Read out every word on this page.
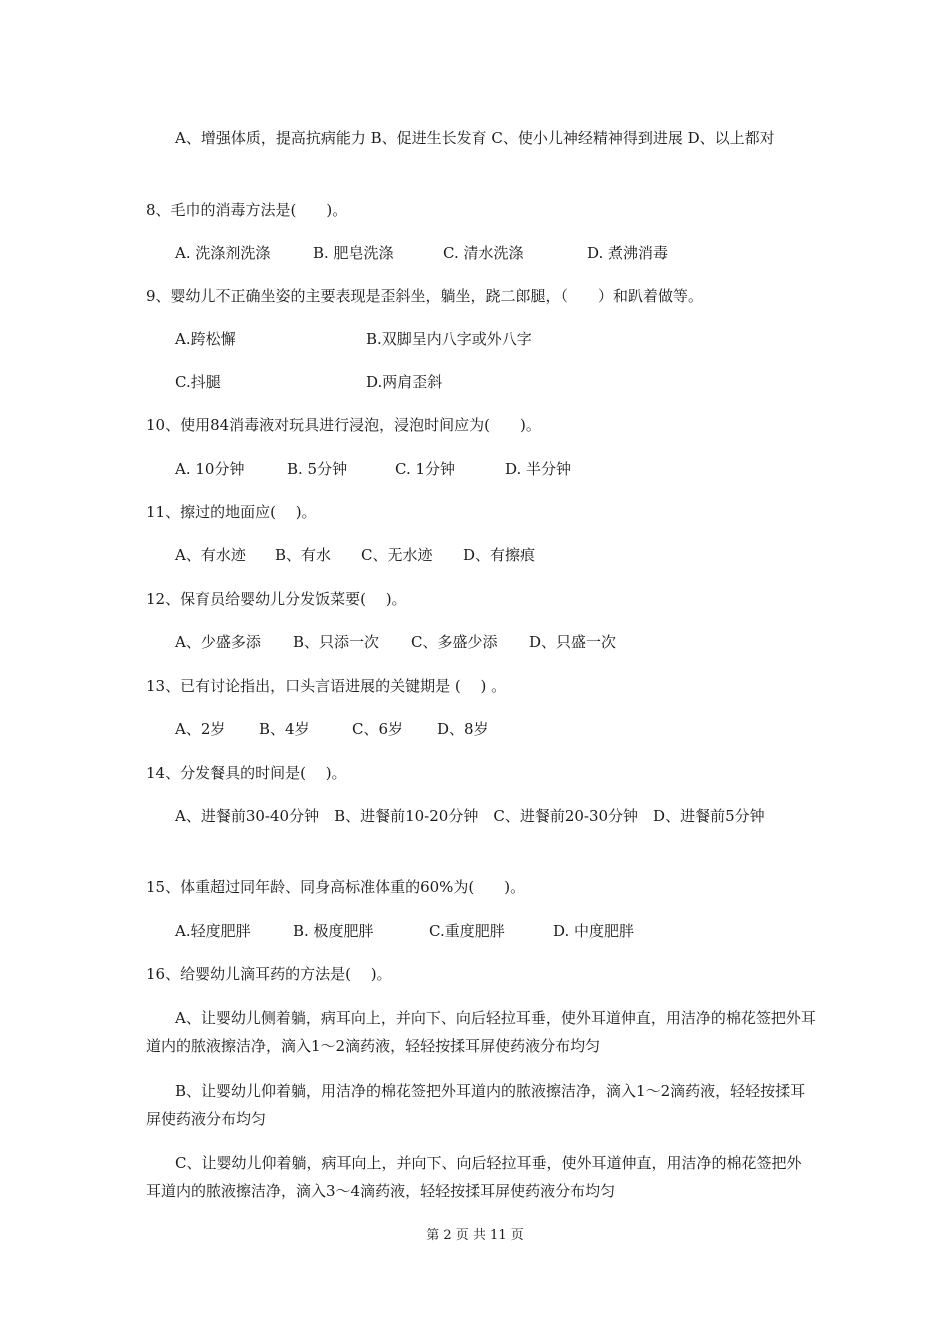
A、增强体质，提高抗病能力 B、促进生长发育 C、使小儿神经精神得到进展 D、以上都对
8、毛巾的消毒方法是(　　)。
A. 洗涤剂洗涤	B. 肥皂洗涤	C. 清水洗涤	D. 煮沸消毒
9、婴幼儿不正确坐姿的主要表现是歪斜坐，躺坐，跷二郎腿，（　　）和趴着做等。
A.跨松懈	B.双脚呈内八字或外八字
C.抖腿	D.两肩歪斜
10、使用84消毒液对玩具进行浸泡，浸泡时间应为(　　)。
A. 10分钟	B. 5分钟	C. 1分钟	D. 半分钟
11、擦过的地面应(　 )。
A、有水迹 B、有水 C、无水迹 D、有擦痕
12、保育员给婴幼儿分发饭菜要(　 )。
A、少盛多添 B、只添一次 C、多盛少添 D、只盛一次
13、已有讨论指出，口头言语进展的关键期是 (　 ) 。
A、2岁 B、4岁	C、6岁 D、8岁
14、分发餐具的时间是(　 )。
A、进餐前30-40分钟　B、进餐前10-20分钟　C、进餐前20-30分钟　D、进餐前5分钟
15、体重超过同年龄、同身高标准体重的60%为(　　)。
A.轻度肥胖	B. 极度肥胖	C.重度肥胖	D. 中度肥胖
16、给婴幼儿滴耳药的方法是(　 )。
A、让婴幼儿侧着躺，病耳向上，并向下、向后轻拉耳垂，使外耳道伸直，用洁净的棉花签把外耳道内的脓液擦洁净，滴入1～2滴药液，轻轻按揉耳屏使药液分布均匀
B、让婴幼儿仰着躺，用洁净的棉花签把外耳道内的脓液擦洁净，滴入1～2滴药液，轻轻按揉耳屏使药液分布均匀
C、让婴幼儿仰着躺，病耳向上，并向下、向后轻拉耳垂，使外耳道伸直，用洁净的棉花签把外耳道内的脓液擦洁净，滴入3～4滴药液，轻轻按揉耳屏使药液分布均匀
第 2 页 共 11 页
